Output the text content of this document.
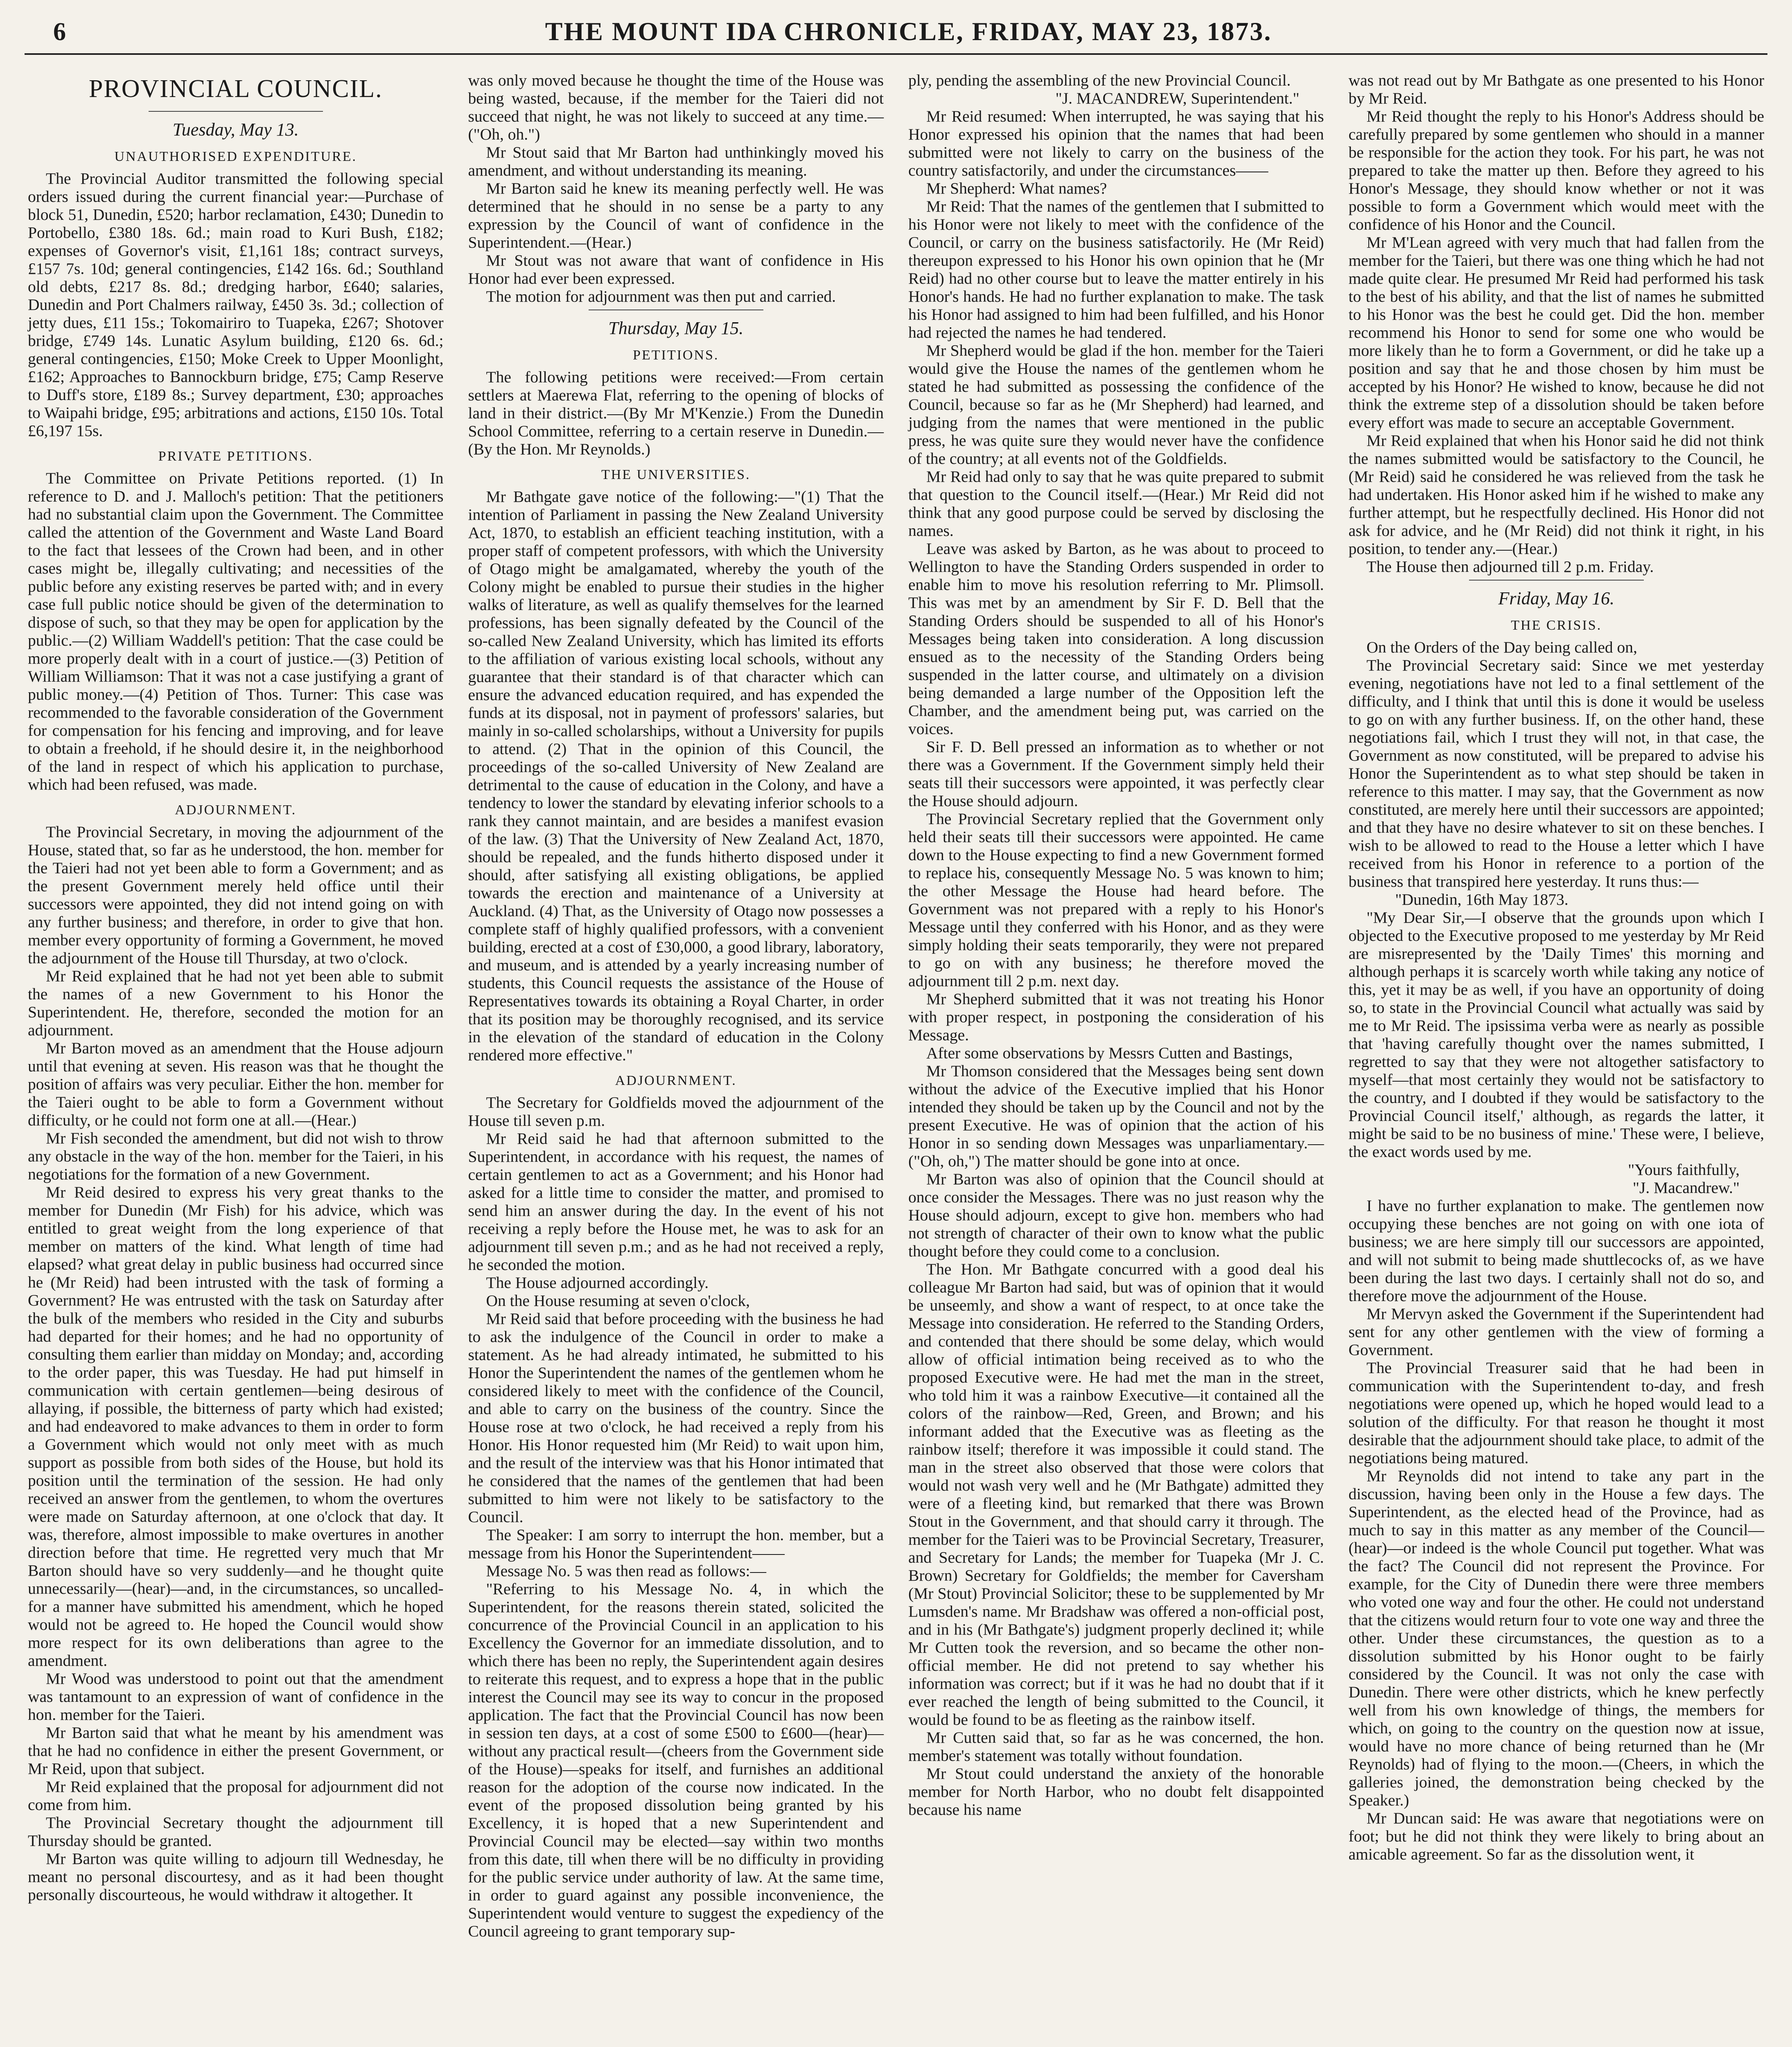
6	THE MOUNT IDA CHRONICLE, FRIDAY, MAY 23, 1873.
PROVINCIAL COUNCIL.
Tuesday, May 13.
UNAUTHORISED EXPENDITURE.

The Provincial Auditor transmitted the following special orders issued during the current financial year:—Purchase of block 51, Dunedin, £520; harbor reclamation, £430; Dunedin to Portobello, £380 18s. 6d.; main road to Kuri Bush, £182; expenses of Governor's visit, £1,161 18s; contract surveys, £157 7s. 10d; general contingencies, £142 16s. 6d.; Southland old debts, £217 8s. 8d.; dredging harbor, £640; salaries, Dunedin and Port Chalmers railway, £450 3s. 3d.; collection of jetty dues, £11 15s.; Tokomairiro to Tuapeka, £267; Shotover bridge, £749 14s. Lunatic Asylum building, £120 6s. 6d.; general contingencies, £150; Moke Creek to Upper Moonlight, £162; Approaches to Bannockburn bridge, £75; Camp Reserve to Duff's store, £189 8s.; Survey department, £30; approaches to Waipahi bridge, £95; arbitrations and actions, £150 10s. Total £6,197 15s.

PRIVATE PETITIONS.

The Committee on Private Petitions reported. (1) In reference to D. and J. Malloch's petition: That the petitioners had no substantial claim upon the Government. The Committee called the attention of the Government and Waste Land Board to the fact that lessees of the Crown had been, and in other cases might be, illegally cultivating; and necessities of the public before any existing reserves be parted with; and in every case full public notice should be given of the determination to dispose of such, so that they may be open for application by the public.—(2) William Waddell's petition: That the case could be more properly dealt with in a court of justice.—(3) Petition of William Williamson: That it was not a case justifying a grant of public money.—(4) Petition of Thos. Turner: This case was recommended to the favorable consideration of the Government for compensation for his fencing and improving, and for leave to obtain a freehold, if he should desire it, in the neighborhood of the land in respect of which his application to purchase, which had been refused, was made.

ADJOURNMENT.

The Provincial Secretary, in moving the adjournment of the House, stated that, so far as he understood, the hon. member for the Taieri had not yet been able to form a Government; and as the present Government merely held office until their successors were appointed, they did not intend going on with any further business; and therefore, in order to give that hon. member every opportunity of forming a Government, he moved the adjournment of the House till Thursday, at two o'clock.

Mr Reid explained that he had not yet been able to submit the names of a new Government to his Honor the Superintendent. He, therefore, seconded the motion for an adjournment.

Mr Barton moved as an amendment that the House adjourn until that evening at seven. His reason was that he thought the position of affairs was very peculiar. Either the hon. member for the Taieri ought to be able to form a Government without difficulty, or he could not form one at all.—(Hear.)

Mr Fish seconded the amendment, but did not wish to throw any obstacle in the way of the hon. member for the Taieri, in his negotiations for the formation of a new Government.

Mr Reid desired to express his very great thanks to the member for Dunedin (Mr Fish) for his advice, which was entitled to great weight from the long experience of that member on matters of the kind. What length of time had elapsed? what great delay in public business had occurred since he (Mr Reid) had been intrusted with the task of forming a Government? He was entrusted with the task on Saturday after the bulk of the members who resided in the City and suburbs had departed for their homes; and he had no opportunity of consulting them earlier than midday on Monday; and, according to the order paper, this was Tuesday. He had put himself in communication with certain gentlemen—being desirous of allaying, if possible, the bitterness of party which had existed; and had endeavored to make advances to them in order to form a Government which would not only meet with as much support as possible from both sides of the House, but hold its position until the termination of the session. He had only received an answer from the gentlemen, to whom the overtures were made on Saturday afternoon, at one o'clock that day. It was, therefore, almost impossible to make overtures in another direction before that time. He regretted very much that Mr Barton should have so very suddenly—and he thought quite unnecessarily—(hear)—and, in the circumstances, so uncalled-for a manner have submitted his amendment, which he hoped would not be agreed to. He hoped the Council would show more respect for its own deliberations than agree to the amendment.

Mr Wood was understood to point out that the amendment was tantamount to an expression of want of confidence in the hon. member for the Taieri.

Mr Barton said that what he meant by his amendment was that he had no confidence in either the present Government, or Mr Reid, upon that subject.

Mr Reid explained that the proposal for adjournment did not come from him.

The Provincial Secretary thought the adjournment till Thursday should be granted.

Mr Barton was quite willing to adjourn till Wednesday, he meant no personal discourtesy, and as it had been thought personally discourteous, he would withdraw it altogether. It

was only moved because he thought the time of the House was being wasted, because, if the member for the Taieri did not succeed that night, he was not likely to succeed at any time.—("Oh, oh.")

Mr Stout said that Mr Barton had unthinkingly moved his amendment, and without understanding its meaning.

Mr Barton said he knew its meaning perfectly well. He was determined that he should in no sense be a party to any expression by the Council of want of confidence in the Superintendent.—(Hear.)

Mr Stout was not aware that want of confidence in His Honor had ever been expressed.

The motion for adjournment was then put and carried.

Thursday, May 15.
PETITIONS.

The following petitions were received:—From certain settlers at Maerewa Flat, referring to the opening of blocks of land in their district.—(By Mr M'Kenzie.) From the Dunedin School Committee, referring to a certain reserve in Dunedin.—(By the Hon. Mr Reynolds.)

THE UNIVERSITIES.

Mr Bathgate gave notice of the following:—"(1) That the intention of Parliament in passing the New Zealand University Act, 1870, to establish an efficient teaching institution, with a proper staff of competent professors, with which the University of Otago might be amalgamated, whereby the youth of the Colony might be enabled to pursue their studies in the higher walks of literature, as well as qualify themselves for the learned professions, has been signally defeated by the Council of the so-called New Zealand University, which has limited its efforts to the affiliation of various existing local schools, without any guarantee that their standard is of that character which can ensure the advanced education required, and has expended the funds at its disposal, not in payment of professors' salaries, but mainly in so-called scholarships, without a University for pupils to attend. (2) That in the opinion of this Council, the proceedings of the so-called University of New Zealand are detrimental to the cause of education in the Colony, and have a tendency to lower the standard by elevating inferior schools to a rank they cannot maintain, and are besides a manifest evasion of the law. (3) That the University of New Zealand Act, 1870, should be repealed, and the funds hitherto disposed under it should, after satisfying all existing obligations, be applied towards the erection and maintenance of a University at Auckland. (4) That, as the University of Otago now possesses a complete staff of highly qualified professors, with a convenient building, erected at a cost of £30,000, a good library, laboratory, and museum, and is attended by a yearly increasing number of students, this Council requests the assistance of the House of Representatives towards its obtaining a Royal Charter, in order that its position may be thoroughly recognised, and its service in the elevation of the standard of education in the Colony rendered more effective."

ADJOURNMENT.

The Secretary for Goldfields moved the adjournment of the House till seven p.m.

Mr Reid said he had that afternoon submitted to the Superintendent, in accordance with his request, the names of certain gentlemen to act as a Government; and his Honor had asked for a little time to consider the matter, and promised to send him an answer during the day. In the event of his not receiving a reply before the House met, he was to ask for an adjournment till seven p.m.; and as he had not received a reply, he seconded the motion.

The House adjourned accordingly.

On the House resuming at seven o'clock,

Mr Reid said that before proceeding with the business he had to ask the indulgence of the Council in order to make a statement. As he had already intimated, he submitted to his Honor the Superintendent the names of the gentlemen whom he considered likely to meet with the confidence of the Council, and able to carry on the business of the country. Since the House rose at two o'clock, he had received a reply from his Honor. His Honor requested him (Mr Reid) to wait upon him, and the result of the interview was that his Honor intimated that he considered that the names of the gentlemen that had been submitted to him were not likely to be satisfactory to the Council.

The Speaker: I am sorry to interrupt the hon. member, but a message from his Honor the Superintendent——

Message No. 5 was then read as follows:—

"Referring to his Message No. 4, in which the Superintendent, for the reasons therein stated, solicited the concurrence of the Provincial Council in an application to his Excellency the Governor for an immediate dissolution, and to which there has been no reply, the Superintendent again desires to reiterate this request, and to express a hope that in the public interest the Council may see its way to concur in the proposed application. The fact that the Provincial Council has now been in session ten days, at a cost of some £500 to £600—(hear)—without any practical result—(cheers from the Government side of the House)—speaks for itself, and furnishes an additional reason for the adoption of the course now indicated. In the event of the proposed dissolution being granted by his Excellency, it is hoped that a new Superintendent and Provincial Council may be elected—say within two months from this date, till when there will be no difficulty in providing for the public service under authority of law. At the same time, in order to guard against any possible inconvenience, the Superintendent would venture to suggest the expediency of the Council agreeing to grant temporary sup-

ply, pending the assembling of the new Provincial Council.

"J. MACANDREW, Superintendent."

Mr Reid resumed: When interrupted, he was saying that his Honor expressed his opinion that the names that had been submitted were not likely to carry on the business of the country satisfactorily, and under the circumstances——

Mr Shepherd: What names?

Mr Reid: That the names of the gentlemen that I submitted to his Honor were not likely to meet with the confidence of the Council, or carry on the business satisfactorily. He (Mr Reid) thereupon expressed to his Honor his own opinion that he (Mr Reid) had no other course but to leave the matter entirely in his Honor's hands. He had no further explanation to make. The task his Honor had assigned to him had been fulfilled, and his Honor had rejected the names he had tendered.

Mr Shepherd would be glad if the hon. member for the Taieri would give the House the names of the gentlemen whom he stated he had submitted as possessing the confidence of the Council, because so far as he (Mr Shepherd) had learned, and judging from the names that were mentioned in the public press, he was quite sure they would never have the confidence of the country; at all events not of the Goldfields.

Mr Reid had only to say that he was quite prepared to submit that question to the Council itself.—(Hear.) Mr Reid did not think that any good purpose could be served by disclosing the names.

Leave was asked by Barton, as he was about to proceed to Wellington to have the Standing Orders suspended in order to enable him to move his resolution referring to Mr. Plimsoll. This was met by an amendment by Sir F. D. Bell that the Standing Orders should be suspended to all of his Honor's Messages being taken into consideration. A long discussion ensued as to the necessity of the Standing Orders being suspended in the latter course, and ultimately on a division being demanded a large number of the Opposition left the Chamber, and the amendment being put, was carried on the voices.

Sir F. D. Bell pressed an information as to whether or not there was a Government. If the Government simply held their seats till their successors were appointed, it was perfectly clear the House should adjourn.

The Provincial Secretary replied that the Government only held their seats till their successors were appointed. He came down to the House expecting to find a new Government formed to replace his, consequently Message No. 5 was known to him; the other Message the House had heard before. The Government was not prepared with a reply to his Honor's Message until they conferred with his Honor, and as they were simply holding their seats temporarily, they were not prepared to go on with any business; he therefore moved the adjournment till 2 p.m. next day.

Mr Shepherd submitted that it was not treating his Honor with proper respect, in postponing the consideration of his Message.

After some observations by Messrs Cutten and Bastings,

Mr Thomson considered that the Messages being sent down without the advice of the Executive implied that his Honor intended they should be taken up by the Council and not by the present Executive. He was of opinion that the action of his Honor in so sending down Messages was unparliamentary.—("Oh, oh,") The matter should be gone into at once.

Mr Barton was also of opinion that the Council should at once consider the Messages. There was no just reason why the House should adjourn, except to give hon. members who had not strength of character of their own to know what the public thought before they could come to a conclusion.

The Hon. Mr Bathgate concurred with a good deal his colleague Mr Barton had said, but was of opinion that it would be unseemly, and show a want of respect, to at once take the Message into consideration. He referred to the Standing Orders, and contended that there should be some delay, which would allow of official intimation being received as to who the proposed Executive were. He had met the man in the street, who told him it was a rainbow Executive—it contained all the colors of the rainbow—Red, Green, and Brown; and his informant added that the Executive was as fleeting as the rainbow itself; therefore it was impossible it could stand. The man in the street also observed that those were colors that would not wash very well and he (Mr Bathgate) admitted they were of a fleeting kind, but remarked that there was Brown Stout in the Government, and that should carry it through. The member for the Taieri was to be Provincial Secretary, Treasurer, and Secretary for Lands; the member for Tuapeka (Mr J. C. Brown) Secretary for Goldfields; the member for Caversham (Mr Stout) Provincial Solicitor; these to be supplemented by Mr Lumsden's name. Mr Bradshaw was offered a non-official post, and in his (Mr Bathgate's) judgment properly declined it; while Mr Cutten took the reversion, and so became the other non-official member. He did not pretend to say whether his information was correct; but if it was he had no doubt that if it ever reached the length of being submitted to the Council, it would be found to be as fleeting as the rainbow itself.

Mr Cutten said that, so far as he was concerned, the hon. member's statement was totally without foundation.

Mr Stout could understand the anxiety of the honorable member for North Harbor, who no doubt felt disappointed because his name

was not read out by Mr Bathgate as one presented to his Honor by Mr Reid.

Mr Reid thought the reply to his Honor's Address should be carefully prepared by some gentlemen who should in a manner be responsible for the action they took. For his part, he was not prepared to take the matter up then. Before they agreed to his Honor's Message, they should know whether or not it was possible to form a Government which would meet with the confidence of his Honor and the Council.

Mr M'Lean agreed with very much that had fallen from the member for the Taieri, but there was one thing which he had not made quite clear. He presumed Mr Reid had performed his task to the best of his ability, and that the list of names he submitted to his Honor was the best he could get. Did the hon. member recommend his Honor to send for some one who would be more likely than he to form a Government, or did he take up a position and say that he and those chosen by him must be accepted by his Honor? He wished to know, because he did not think the extreme step of a dissolution should be taken before every effort was made to secure an acceptable Government.

Mr Reid explained that when his Honor said he did not think the names submitted would be satisfactory to the Council, he (Mr Reid) said he considered he was relieved from the task he had undertaken. His Honor asked him if he wished to make any further attempt, but he respectfully declined. His Honor did not ask for advice, and he (Mr Reid) did not think it right, in his position, to tender any.—(Hear.)

The House then adjourned till 2 p.m. Friday.

Friday, May 16.
THE CRISIS.

On the Orders of the Day being called on,

The Provincial Secretary said: Since we met yesterday evening, negotiations have not led to a final settlement of the difficulty, and I think that until this is done it would be useless to go on with any further business. If, on the other hand, these negotiations fail, which I trust they will not, in that case, the Government as now constituted, will be prepared to advise his Honor the Superintendent as to what step should be taken in reference to this matter. I may say, that the Government as now constituted, are merely here until their successors are appointed; and that they have no desire whatever to sit on these benches. I wish to be allowed to read to the House a letter which I have received from his Honor in reference to a portion of the business that transpired here yesterday. It runs thus:—

"Dunedin, 16th May 1873.

"My Dear Sir,—I observe that the grounds upon which I objected to the Executive proposed to me yesterday by Mr Reid are misrepresented by the 'Daily Times' this morning and although perhaps it is scarcely worth while taking any notice of this, yet it may be as well, if you have an opportunity of doing so, to state in the Provincial Council what actually was said by me to Mr Reid. The ipsissima verba were as nearly as possible that 'having carefully thought over the names submitted, I regretted to say that they were not altogether satisfactory to myself—that most certainly they would not be satisfactory to the country, and I doubted if they would be satisfactory to the Provincial Council itself,' although, as regards the latter, it might be said to be no business of mine.' These were, I believe, the exact words used by me.

"Yours faithfully,

"J. Macandrew."

I have no further explanation to make. The gentlemen now occupying these benches are not going on with one iota of business; we are here simply till our successors are appointed, and will not submit to being made shuttlecocks of, as we have been during the last two days. I certainly shall not do so, and therefore move the adjournment of the House.

Mr Mervyn asked the Government if the Superintendent had sent for any other gentlemen with the view of forming a Government.

The Provincial Treasurer said that he had been in communication with the Superintendent to-day, and fresh negotiations were opened up, which he hoped would lead to a solution of the difficulty. For that reason he thought it most desirable that the adjournment should take place, to admit of the negotiations being matured.

Mr Reynolds did not intend to take any part in the discussion, having been only in the House a few days. The Superintendent, as the elected head of the Province, had as much to say in this matter as any member of the Council—(hear)—or indeed is the whole Council put together. What was the fact? The Council did not represent the Province. For example, for the City of Dunedin there were three members who voted one way and four the other. He could not understand that the citizens would return four to vote one way and three the other. Under these circumstances, the question as to a dissolution submitted by his Honor ought to be fairly considered by the Council. It was not only the case with Dunedin. There were other districts, which he knew perfectly well from his own knowledge of things, the members for which, on going to the country on the question now at issue, would have no more chance of being returned than he (Mr Reynolds) had of flying to the moon.—(Cheers, in which the galleries joined, the demonstration being checked by the Speaker.)

Mr Duncan said: He was aware that negotiations were on foot; but he did not think they were likely to bring about an amicable agreement. So far as the dissolution went, it
